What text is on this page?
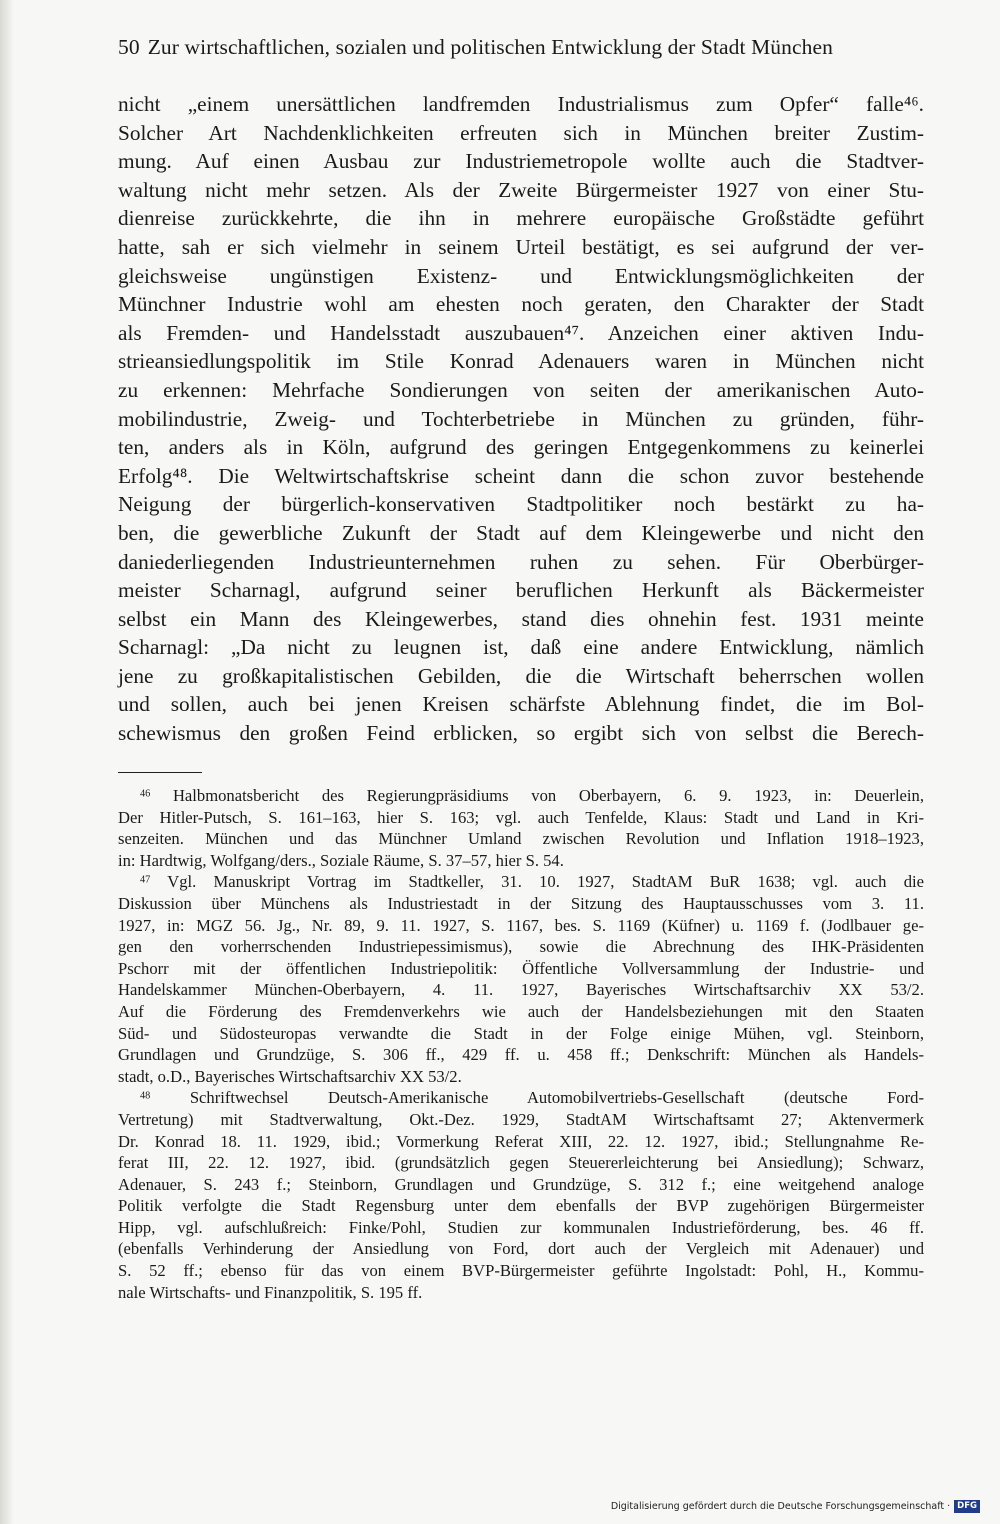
50 Zur wirtschaftlichen, sozialen und politischen Entwicklung der Stadt München
nicht „einem unersättlichen landfremden Industrialismus zum Opfer“ falle⁴⁶.
Solcher Art Nachdenklichkeiten erfreuten sich in München breiter Zustim-
mung. Auf einen Ausbau zur Industriemetropole wollte auch die Stadtver-
waltung nicht mehr setzen. Als der Zweite Bürgermeister 1927 von einer Stu-
dienreise zurückkehrte, die ihn in mehrere europäische Großstädte geführt
hatte, sah er sich vielmehr in seinem Urteil bestätigt, es sei aufgrund der ver-
gleichsweise ungünstigen Existenz- und Entwicklungsmöglichkeiten der
Münchner Industrie wohl am ehesten noch geraten, den Charakter der Stadt
als Fremden- und Handelsstadt auszubauen⁴⁷. Anzeichen einer aktiven Indu-
strieansiedlungspolitik im Stile Konrad Adenauers waren in München nicht
zu erkennen: Mehrfache Sondierungen von seiten der amerikanischen Auto-
mobilindustrie, Zweig- und Tochterbetriebe in München zu gründen, führ-
ten, anders als in Köln, aufgrund des geringen Entgegenkommens zu keinerlei
Erfolg⁴⁸. Die Weltwirtschaftskrise scheint dann die schon zuvor bestehende
Neigung der bürgerlich-konservativen Stadtpolitiker noch bestärkt zu ha-
ben, die gewerbliche Zukunft der Stadt auf dem Kleingewerbe und nicht den
daniederliegenden Industrieunternehmen ruhen zu sehen. Für Oberbürger-
meister Scharnagl, aufgrund seiner beruflichen Herkunft als Bäckermeister
selbst ein Mann des Kleingewerbes, stand dies ohnehin fest. 1931 meinte
Scharnagl: „Da nicht zu leugnen ist, daß eine andere Entwicklung, nämlich
jene zu großkapitalistischen Gebilden, die die Wirtschaft beherrschen wollen
und sollen, auch bei jenen Kreisen schärfste Ablehnung findet, die im Bol-
schewismus den großen Feind erblicken, so ergibt sich von selbst die Berech-
$^{46}$ Halbmonatsbericht des Regierungpräsidiums von Oberbayern, 6. 9. 1923, in: Deuerlein,
Der Hitler-Putsch, S. 161–163, hier S. 163; vgl. auch Tenfelde, Klaus: Stadt und Land in Kri-
senzeiten. München und das Münchner Umland zwischen Revolution und Inflation 1918–1923,
in: Hardtwig, Wolfgang/ders., Soziale Räume, S. 37–57, hier S. 54.
$^{47}$ Vgl. Manuskript Vortrag im Stadtkeller, 31. 10. 1927, StadtAM BuR 1638; vgl. auch die
Diskussion über Münchens als Industriestadt in der Sitzung des Hauptausschusses vom 3. 11.
1927, in: MGZ 56. Jg., Nr. 89, 9. 11. 1927, S. 1167, bes. S. 1169 (Küfner) u. 1169 f. (Jodlbauer ge-
gen den vorherrschenden Industriepessimismus), sowie die Abrechnung des IHK-Präsidenten
Pschorr mit der öffentlichen Industriepolitik: Öffentliche Vollversammlung der Industrie- und
Handelskammer München-Oberbayern, 4. 11. 1927, Bayerisches Wirtschaftsarchiv XX 53/2.
Auf die Förderung des Fremdenverkehrs wie auch der Handelsbeziehungen mit den Staaten
Süd- und Südosteuropas verwandte die Stadt in der Folge einige Mühen, vgl. Steinborn,
Grundlagen und Grundzüge, S. 306 ff., 429 ff. u. 458 ff.; Denkschrift: München als Handels-
stadt, o.D., Bayerisches Wirtschaftsarchiv XX 53/2.
$^{48}$ Schriftwechsel Deutsch-Amerikanische Automobilvertriebs-Gesellschaft (deutsche Ford-
Vertretung) mit Stadtverwaltung, Okt.-Dez. 1929, StadtAM Wirtschaftsamt 27; Aktenvermerk
Dr. Konrad 18. 11. 1929, ibid.; Vormerkung Referat XIII, 22. 12. 1927, ibid.; Stellungnahme Re-
ferat III, 22. 12. 1927, ibid. (grundsätzlich gegen Steuererleichterung bei Ansiedlung); Schwarz,
Adenauer, S. 243 f.; Steinborn, Grundlagen und Grundzüge, S. 312 f.; eine weitgehend analoge
Politik verfolgte die Stadt Regensburg unter dem ebenfalls der BVP zugehörigen Bürgermeister
Hipp, vgl. aufschlußreich: Finke/Pohl, Studien zur kommunalen Industrieförderung, bes. 46 ff.
(ebenfalls Verhinderung der Ansiedlung von Ford, dort auch der Vergleich mit Adenauer) und
S. 52 ff.; ebenso für das von einem BVP-Bürgermeister geführte Ingolstadt: Pohl, H., Kommu-
nale Wirtschafts- und Finanzpolitik, S. 195 ff.
Digitalisierung gefördert durch die Deutsche Forschungsgemeinschaft · DFG
